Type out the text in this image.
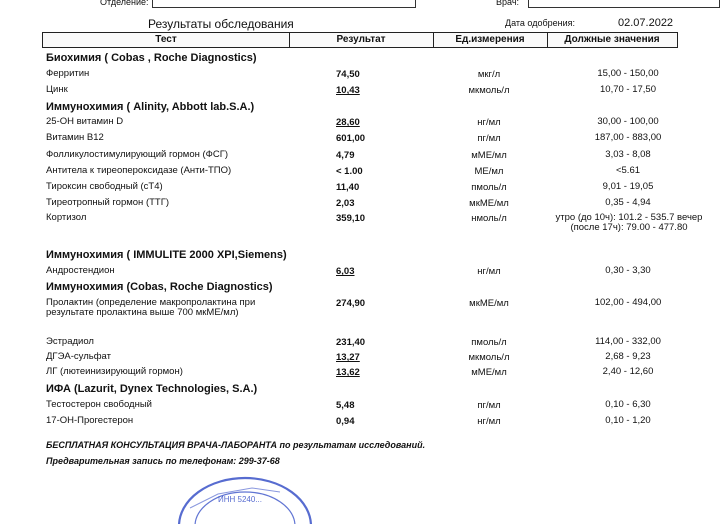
Отделение:	Врач:
Результаты обследования	Дата одобрения:	02.07.2022
Тест	Результат	Ед.измерения	Должные значения
Биохимия ( Cobas , Roche Diagnostics)
Ферритин	74,50	мкг/л	15,00 - 150,00
Цинк	10,43	мкмоль/л	10,70 - 17,50
Иммунохимия ( Alinity, Abbott lab.S.A.)
25-ОН витамин D	28,60	нг/мл	30,00 - 100,00
Витамин В12	601,00	пг/мл	187,00 - 883,00
Фолликулостимулирующий гормон (ФСГ)	4,79	мМЕ/мл	3,03 - 8,08
Антитела к тиреопероксидазе (Анти-ТПО)	< 1.00	МЕ/мл	<5.61
Тироксин свободный (сТ4)	11,40	пмоль/л	9,01 - 19,05
Тиреотропный гормон (ТТГ)	2,03	мкМЕ/мл	0,35 - 4,94
Кортизол	359,10	нмоль/л	утро (до 10ч): 101.2 - 535.7 вечер (после 17ч): 79.00 - 477.80
Иммунохимия ( IMMULITE 2000 XPI,Siemens)
Андростендион	6,03	нг/мл	0,30 - 3,30
Иммунохимия (Cobas, Roche Diagnostics)
Пролактин (определение макропролактина при результате пролактина выше 700 мкМЕ/мл)
274,90	мкМЕ/мл	102,00 - 494,00
Эстрадиол	231,40	пмоль/л	114,00 - 332,00
ДГЭА-сульфат	13,27	мкмоль/л	2,68 - 9,23
ЛГ (лютеинизирующий гормон)	13,62	мМЕ/мл	2,40 - 12,60
ИФА (Lazurit, Dynex Technologies, S.A.)
Тестостерон свободный	5,48	пг/мл	0,10 - 6,30
17-ОН-Прогестерон	0,94	нг/мл	0,10 - 1,20
БЕСПЛАТНАЯ КОНСУЛЬТАЦИЯ ВРАЧА-ЛАБОРАНТА по результатам исследований.
Предварительная запись по телефонам: 299-37-68
ИНН 5240...
